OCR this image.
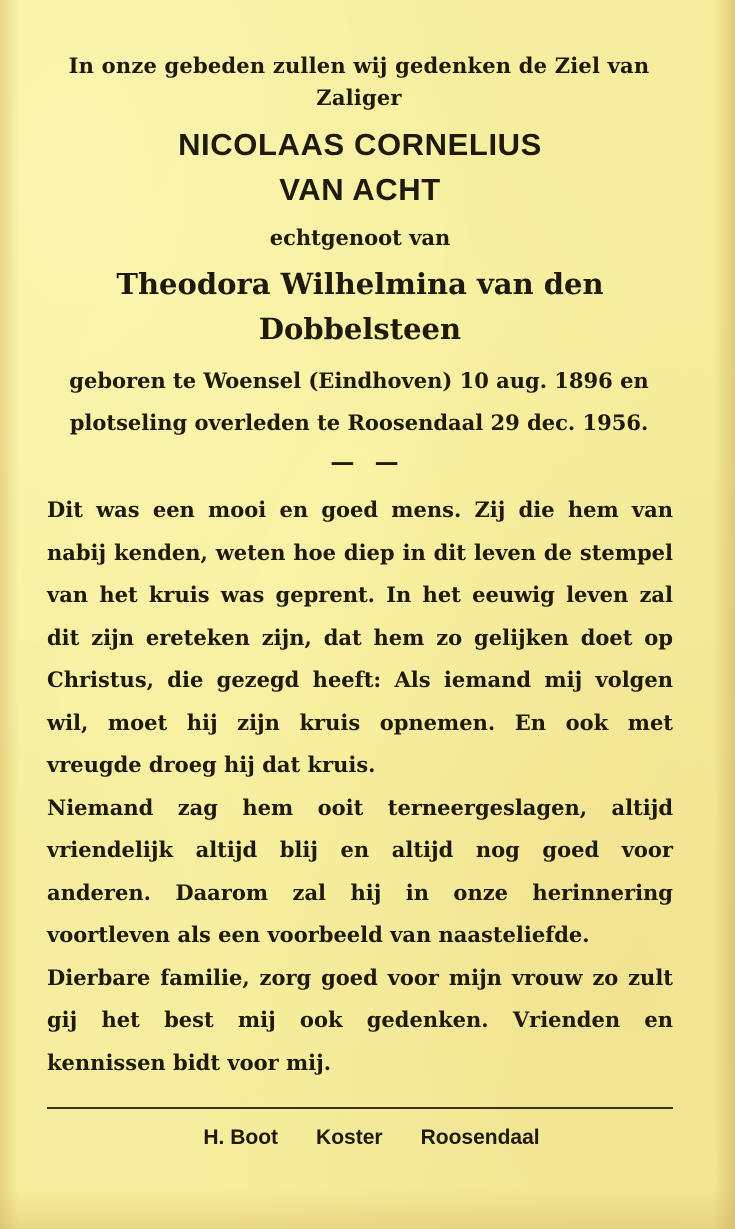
In onze gebeden zullen wij gedenken de Ziel van Zaliger
NICOLAAS CORNELIUS
VAN ACHT
echtgenoot van
Theodora Wilhelmina van den
Dobbelsteen
geboren te Woensel (Eindhoven) 10 aug. 1896 en plotseling overleden te Roosendaal 29 dec. 1956.
— —

Dit was een mooi en goed mens. Zij die hem van nabij kenden, weten hoe diep in dit leven de stempel van het kruis was geprent. In het eeuwig leven zal dit zijn ereteken zijn, dat hem zo gelijken doet op Christus, die gezegd heeft: Als iemand mij volgen wil, moet hij zijn kruis opnemen. En ook met vreugde droeg hij dat kruis.

Niemand zag hem ooit terneergeslagen, altijd vriendelijk altijd blij en altijd nog goed voor anderen. Daarom zal hij in onze herinnering voortleven als een voorbeeld van naasteliefde.

Dierbare familie, zorg goed voor mijn vrouw zo zult gij het best mij ook gedenken. Vrienden en kennissen bidt voor mij.

H. Boot Koster Roosendaal
